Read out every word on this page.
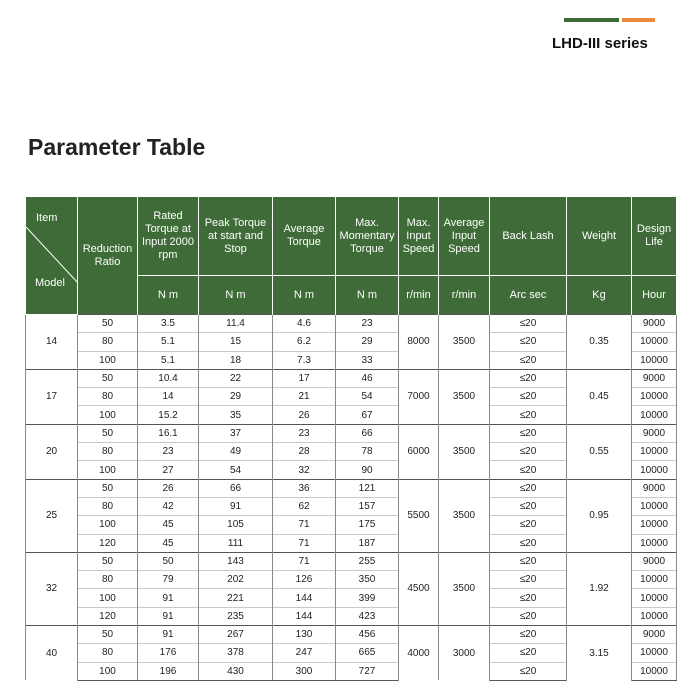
LHD-III series
Parameter Table
Item
Model	Reduction Ratio	Rated Torque at Input 2000 rpm	Peak Torque at start and Stop	Average Torque	Max. Momentary Torque	Max. Input Speed	Average Input Speed	Back Lash	Weight	Design Life
		N m	N m	N m	N m	r/min	r/min	Arc sec	Kg	Hour
14	50	3.5	11.4	4.6	23	8000	3500	≤20	0.35	9000
	80	5.1	15	6.2	29			≤20		10000
	100	5.1	18	7.3	33			≤20		10000
17	50	10.4	22	17	46	7000	3500	≤20	0.45	9000
	80	14	29	21	54			≤20		10000
	100	15.2	35	26	67			≤20		10000
20	50	16.1	37	23	66	6000	3500	≤20	0.55	9000
	80	23	49	28	78			≤20		10000
	100	27	54	32	90			≤20		10000
25	50	26	66	36	121	5500	3500	≤20	0.95	9000
	80	42	91	62	157			≤20		10000
	100	45	105	71	175			≤20		10000
	120	45	111	71	187			≤20		10000
32	50	50	143	71	255	4500	3500	≤20	1.92	9000
	80	79	202	126	350			≤20		10000
	100	91	221	144	399			≤20		10000
	120	91	235	144	423			≤20		10000
40	50	91	267	130	456	4000	3000	≤20	3.15	9000
	80	176	378	247	665			≤20		10000
	100	196	430	300	727			≤20		10000
